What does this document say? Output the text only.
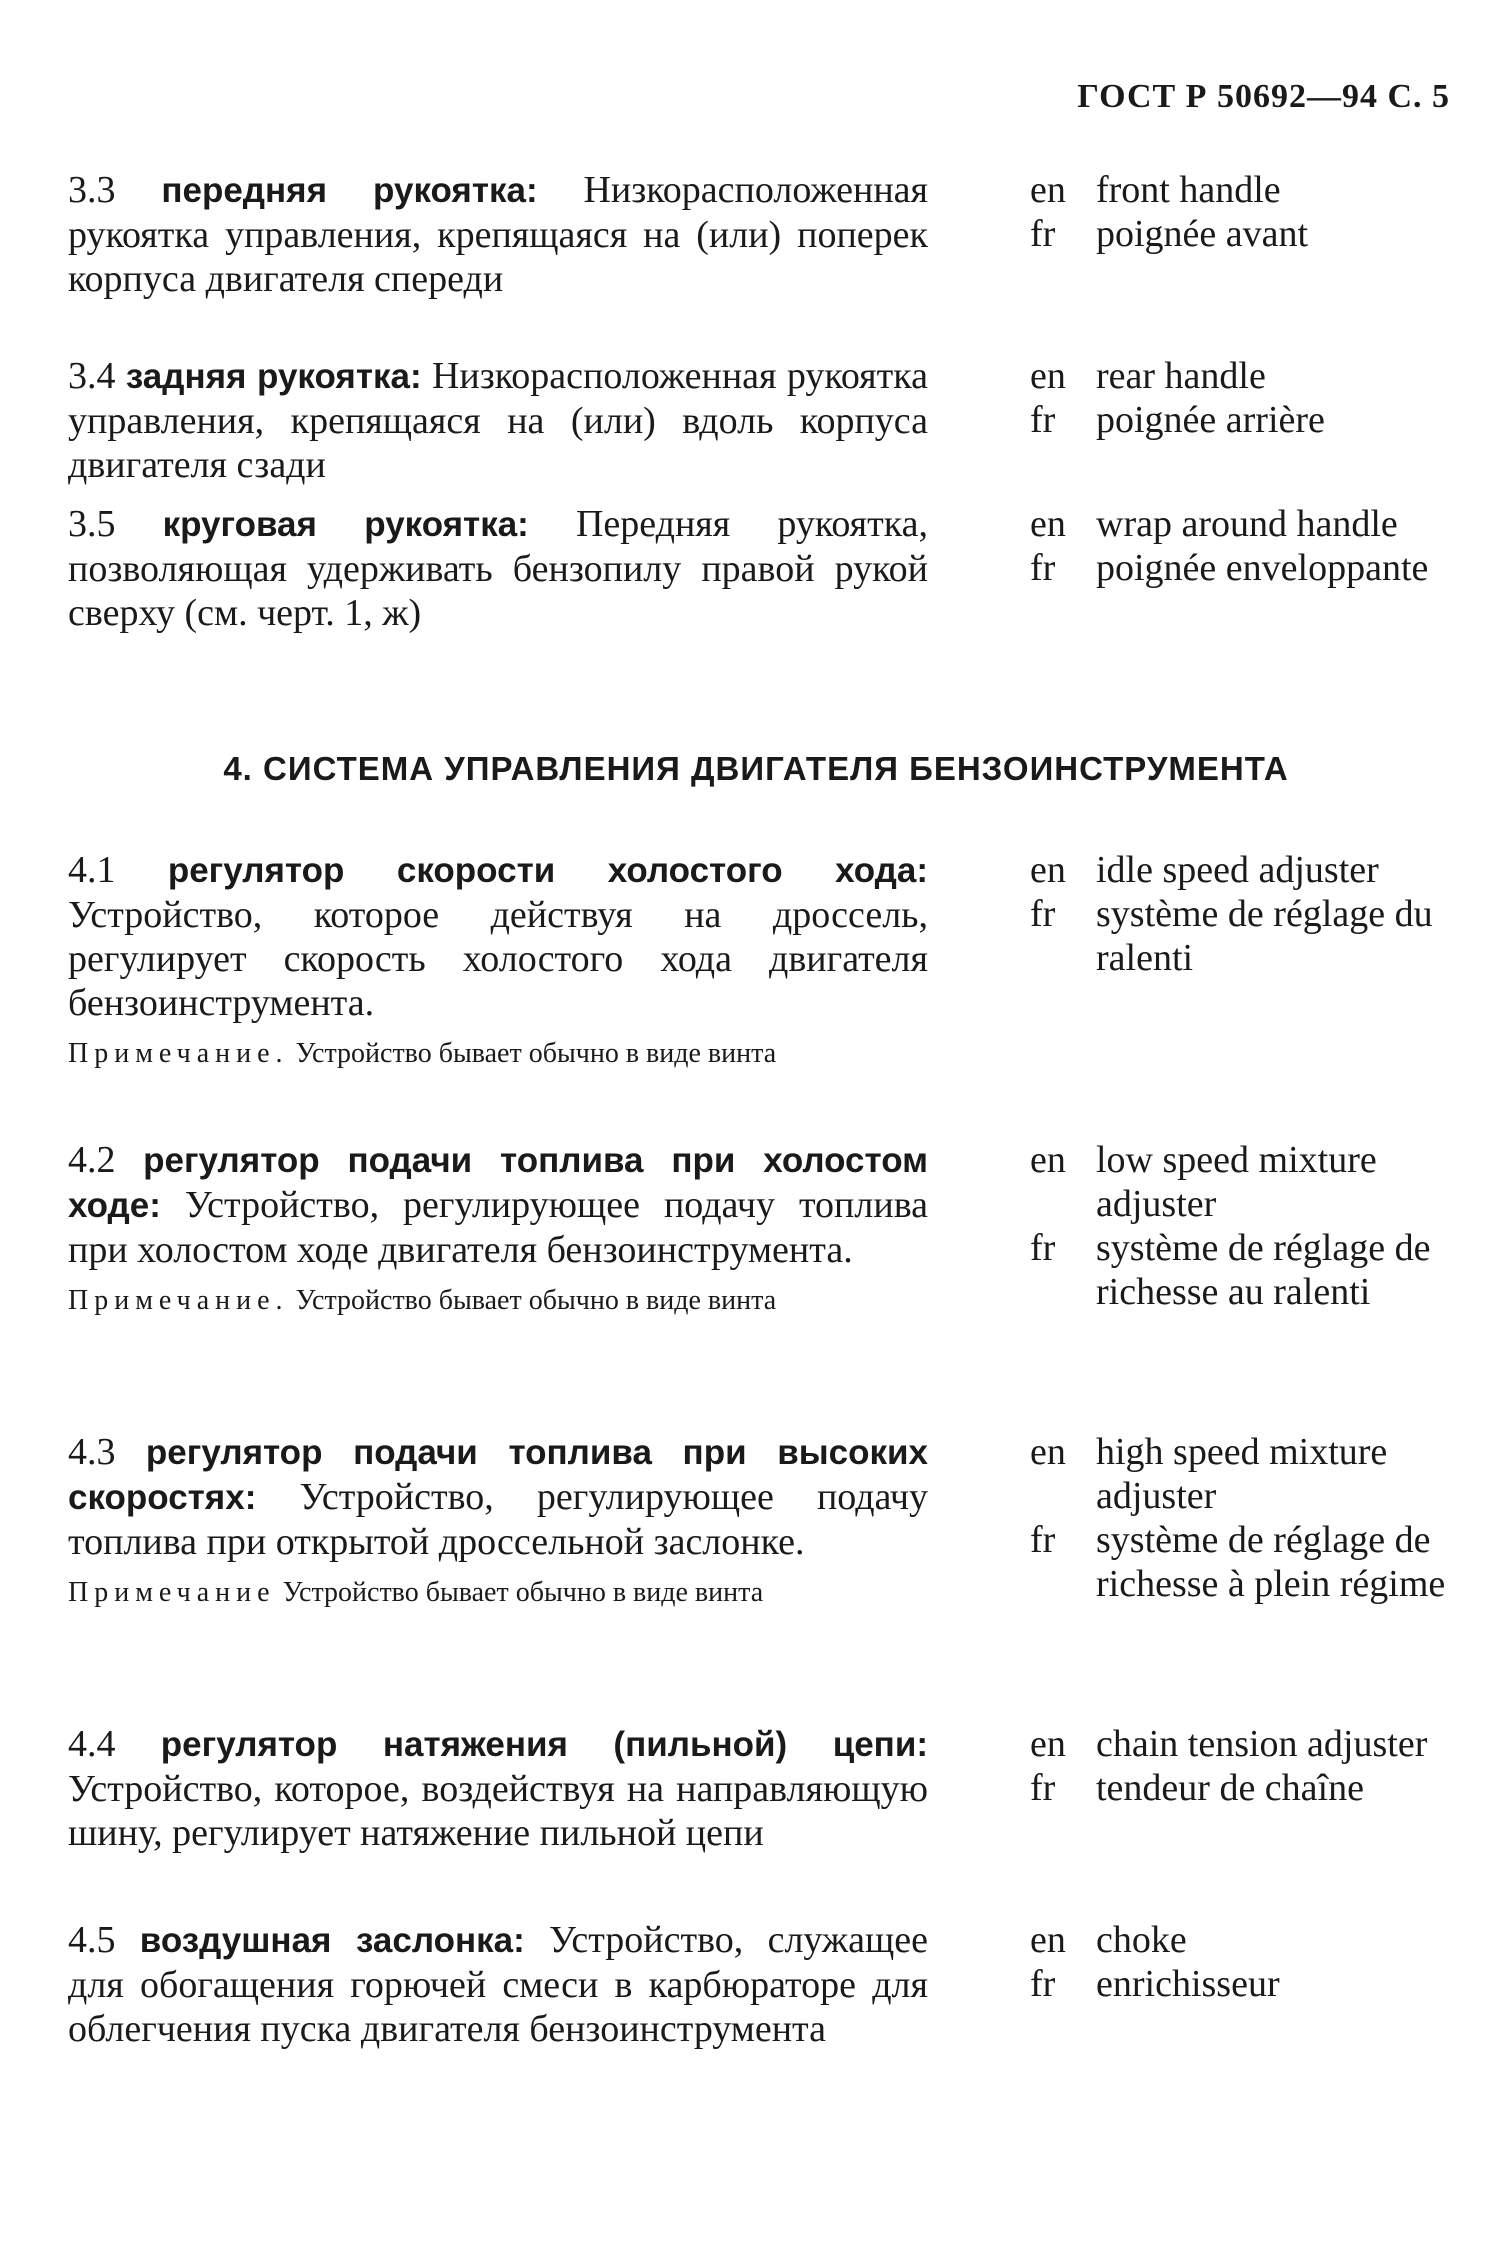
ГОСТ Р 50692—94 С. 5
3.3 передняя рукоятка: Низкорасположенная рукоятка управления, крепящаяся на (или) поперек корпуса двигателя спереди
en front handle
fr	poignée avant
3.4 задняя рукоятка: Низкорасположенная рукоятка управления, крепящаяся на (или) вдоль корпуса двигателя сзади
en rear handle
fr	poignée arrière
3.5 круговая рукоятка: Передняя рукоятка, позволяющая удерживать бензопилу правой рукой сверху (см. черт. 1, ж)
en wrap around handle
fr	poignée enveloppante
4. СИСТЕМА УПРАВЛЕНИЯ ДВИГАТЕЛЯ БЕНЗОИНСТРУМЕНТА
4.1 регулятор скорости холостого хода: Устройство, которое действуя на дроссель, регулирует скорость холостого хода двигателя бензоинструмента.
Примечание. Устройство бывает обычно в виде винта
en idle speed adjuster
fr	système de réglage du ralenti
4.2 регулятор подачи топлива при холостом ходе: Устройство, регулирующее подачу топлива при холостом ходе двигателя бензоинструмента.
Примечание. Устройство бывает обычно в виде винта
en low speed mixture adjuster
fr	système de réglage de richesse au ralenti
4.3 регулятор подачи топлива при высоких скоростях: Устройство, регулирующее подачу топлива при открытой дроссельной заслонке.
Примечание Устройство бывает обычно в виде винта
en high speed mixture adjuster
fr	système de réglage de richesse à plein régime
4.4 регулятор натяжения (пильной) цепи: Устройство, которое, воздействуя на направляющую шину, регулирует натяжение пильной цепи
en chain tension adjuster
fr	tendeur de chaîne
4.5 воздушная заслонка: Устройство, служащее для обогащения горючей смеси в карбюраторе для облегчения пуска двигателя бензоинструмента
en choke
fr	enrichisseur
